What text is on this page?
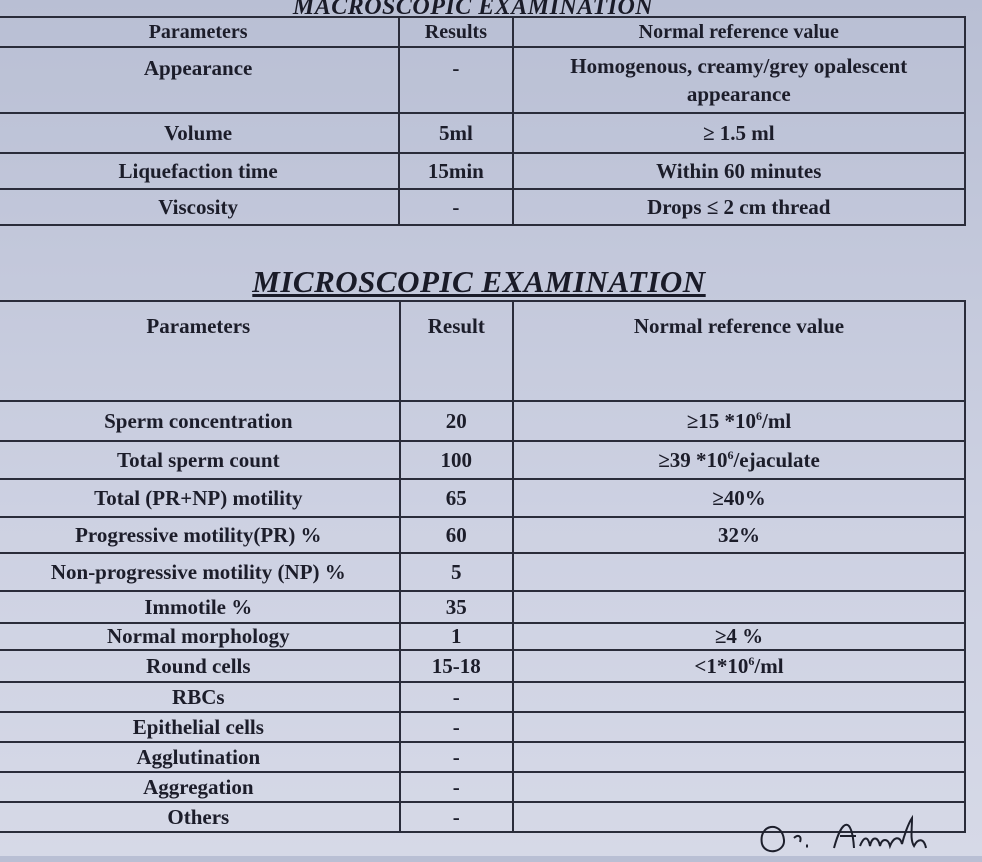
MACROSCOPIC EXAMINATION
Parameters	Results	Normal reference value
Appearance	-	Homogenous, creamy/grey opalescent appearance
Volume	5ml	≥ 1.5 ml
Liquefaction time	15min	Within 60 minutes
Viscosity	-	Drops ≤ 2 cm thread
MICROSCOPIC EXAMINATION
Parameters	Result	Normal reference value
Sperm concentration	20	≥15 $*10^6/ml$
Total sperm count	100	≥39 $*10^6$/ejaculate
Total (PR+NP) motility	65	≥40%
Progressive motility(PR) %	60	32%
Non-progressive motility (NP) %	5	
Immotile %	35	
Normal morphology	1	≥4 %
Round cells	15-18	$<1*10^6/ml$
RBCs	-	
Epithelial cells	-	
Agglutination	-	
Aggregation	-	
Others	-	
